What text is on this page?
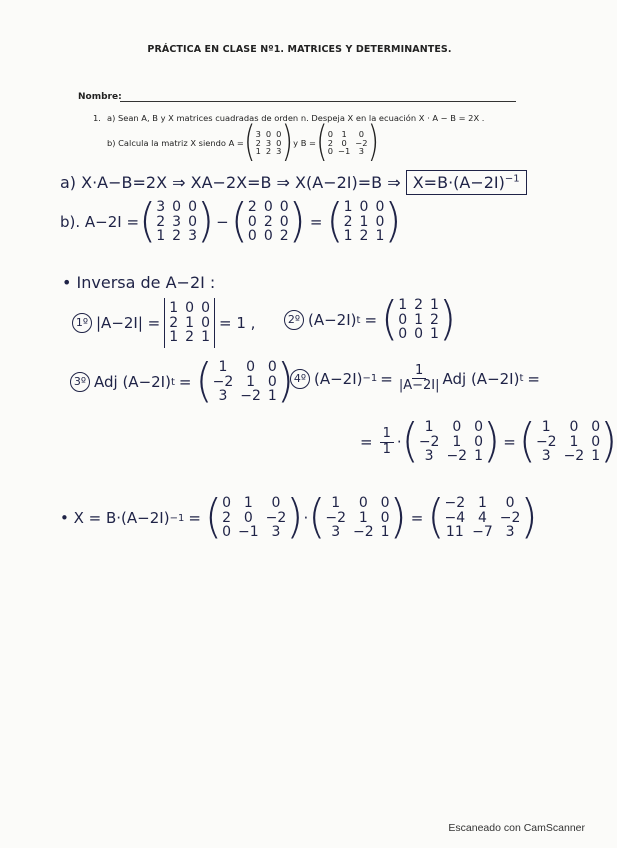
PRÁCTICA EN CLASE Nº1. MATRICES Y DETERMINANTES.
Nombre:
1. a) Sean A, B y X matrices cuadradas de orden n. Despeja X en la ecuación X · A − B = 2X .
b) Calcula la matriz X siendo A = ( 3 0 0
2 3 0
1 2 3 ) y B = ( 0	1	0
2	0	−2
0 −1	3 )
a) X·A−B=2X ⇒ XA−2X=B ⇒ X(A−2I)=B ⇒ $X=B\cdot(A-2I)^{-1}$
b). A−2I = ( 3 0 0
2 3 0
1 2 3 ) − ( 2 0 0
0 2 0
0 0 2 ) = ( 1 0 0
2 1 0
1 2 1 )
• Inversa de A−2I :
1º |A−2I| =
1 0 0
2 1 0
1 2 1
= 1 ,	2º (A−2I) t = ( 1 2 1
0 1 2
0 0 1 )
3º Adj (A−2I) t = ( 1	0 0
−2 1 0
3 −2 1 ) 4º $(A-2I) -1 = \frac{1}{|A-2I|}$ Adj (A−2I) t =
= $\frac{1}{1}$ · ( 1	0 0
−2 1 0
3 −2 1 ) = ( 1	0 0
−2 1 0
3 −2 1 )
• X = B·(A−2I) −1 = ( 0 1	0
2 0 −2
0 −1 3 ) · ( 1	0 0
−2 1 0
3 −2 1 ) = ( −2 1	0
−4 4 −2
11 −7 3 )
Escaneado con CamScanner
